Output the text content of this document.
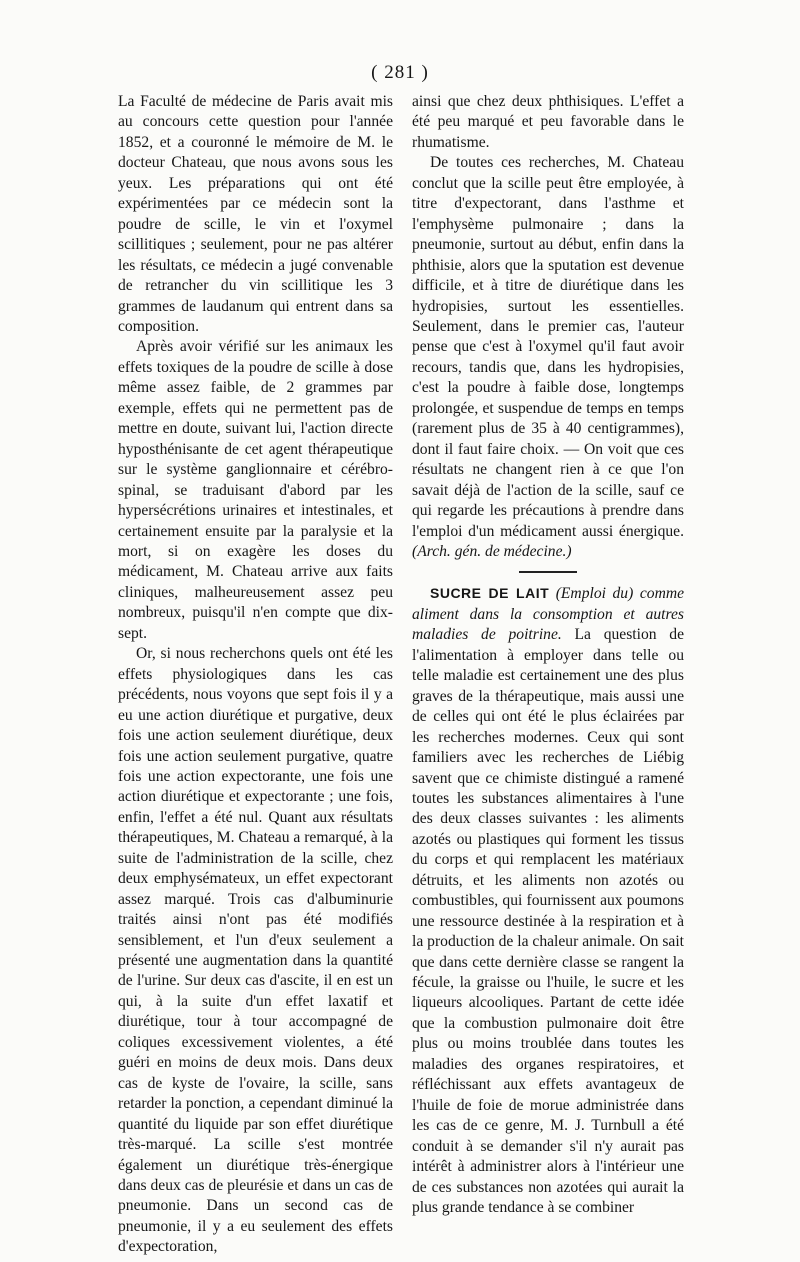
( 281 )

La Faculté de médecine de Paris avait mis au concours cette question pour l'année 1852, et a couronné le mémoire de M. le docteur Chateau, que nous avons sous les yeux. Les préparations qui ont été expérimentées par ce médecin sont la poudre de scille, le vin et l'oxymel scillitiques ; seulement, pour ne pas altérer les résultats, ce médecin a jugé convenable de retrancher du vin scillitique les 3 grammes de laudanum qui entrent dans sa composition.

Après avoir vérifié sur les animaux les effets toxiques de la poudre de scille à dose même assez faible, de 2 grammes par exemple, effets qui ne permettent pas de mettre en doute, suivant lui, l'action directe hyposthénisante de cet agent thérapeutique sur le système ganglionnaire et cérébro-spinal, se traduisant d'abord par les hypersécrétions urinaires et intestinales, et certainement ensuite par la paralysie et la mort, si on exagère les doses du médicament, M. Chateau arrive aux faits cliniques, malheureusement assez peu nombreux, puisqu'il n'en compte que dix-sept.

Or, si nous recherchons quels ont été les effets physiologiques dans les cas précédents, nous voyons que sept fois il y a eu une action diurétique et purgative, deux fois une action seulement diurétique, deux fois une action seulement purgative, quatre fois une action expectorante, une fois une action diurétique et expectorante ; une fois, enfin, l'effet a été nul. Quant aux résultats thérapeutiques, M. Chateau a remarqué, à la suite de l'administration de la scille, chez deux emphysémateux, un effet expectorant assez marqué. Trois cas d'albuminurie traités ainsi n'ont pas été modifiés sensiblement, et l'un d'eux seulement a présenté une augmentation dans la quantité de l'urine. Sur deux cas d'ascite, il en est un qui, à la suite d'un effet laxatif et diurétique, tour à tour accompagné de coliques excessivement violentes, a été guéri en moins de deux mois. Dans deux cas de kyste de l'ovaire, la scille, sans retarder la ponction, a cependant diminué la quantité du liquide par son effet diurétique très-marqué. La scille s'est montrée également un diurétique très-énergique dans deux cas de pleurésie et dans un cas de pneumonie. Dans un second cas de pneumonie, il y a eu seulement des effets d'expectoration,

ainsi que chez deux phthisiques. L'effet a été peu marqué et peu favorable dans le rhumatisme.

De toutes ces recherches, M. Chateau conclut que la scille peut être employée, à titre d'expectorant, dans l'asthme et l'emphysème pulmonaire ; dans la pneumonie, surtout au début, enfin dans la phthisie, alors que la sputation est devenue difficile, et à titre de diurétique dans les hydropisies, surtout les essentielles. Seulement, dans le premier cas, l'auteur pense que c'est à l'oxymel qu'il faut avoir recours, tandis que, dans les hydropisies, c'est la poudre à faible dose, longtemps prolongée, et suspendue de temps en temps (rarement plus de 35 à 40 centigrammes), dont il faut faire choix. — On voit que ces résultats ne changent rien à ce que l'on savait déjà de l'action de la scille, sauf ce qui regarde les précautions à prendre dans l'emploi d'un médicament aussi énergique. (Arch. gén. de médecine.)

SUCRE DE LAIT (Emploi du) comme aliment dans la consomption et autres maladies de poitrine. La question de l'alimentation à employer dans telle ou telle maladie est certainement une des plus graves de la thérapeutique, mais aussi une de celles qui ont été le plus éclairées par les recherches modernes. Ceux qui sont familiers avec les recherches de Liébig savent que ce chimiste distingué a ramené toutes les substances alimentaires à l'une des deux classes suivantes : les aliments azotés ou plastiques qui forment les tissus du corps et qui remplacent les matériaux détruits, et les aliments non azotés ou combustibles, qui fournissent aux poumons une ressource destinée à la respiration et à la production de la chaleur animale. On sait que dans cette dernière classe se rangent la fécule, la graisse ou l'huile, le sucre et les liqueurs alcooliques. Partant de cette idée que la combustion pulmonaire doit être plus ou moins troublée dans toutes les maladies des organes respiratoires, et réfléchissant aux effets avantageux de l'huile de foie de morue administrée dans les cas de ce genre, M. J. Turnbull a été conduit à se demander s'il n'y aurait pas intérêt à administrer alors à l'intérieur une de ces substances non azotées qui aurait la plus grande tendance à se combiner
